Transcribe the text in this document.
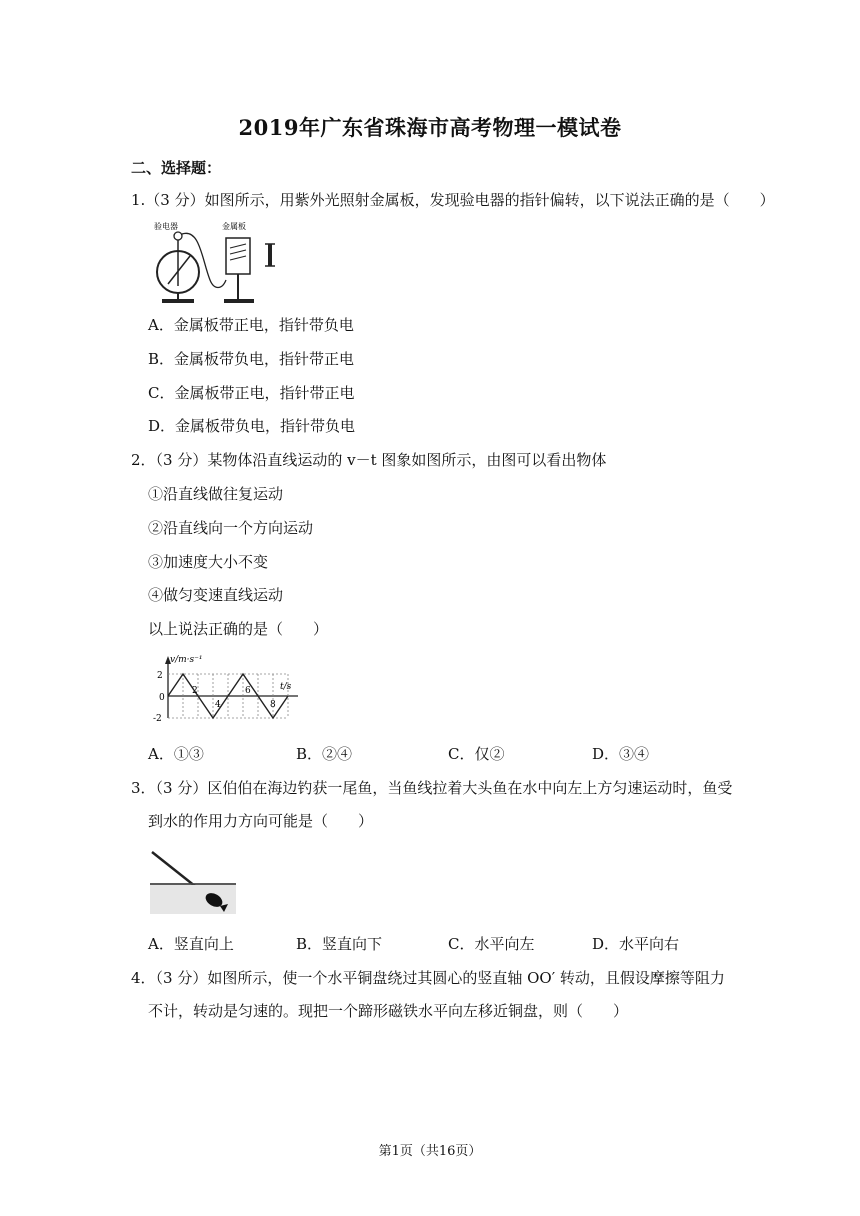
2019年广东省珠海市高考物理一模试卷
二、选择题：
1.（3 分）如图所示，用紫外光照射金属板，发现验电器的指针偏转，以下说法正确的是（　　）
验电器	金属板
A．金属板带正电，指针带负电
B．金属板带负电，指针带正电
C．金属板带正电，指针带正电
D．金属板带负电，指针带负电
2．（3 分）某物体沿直线运动的 v－t 图象如图所示，由图可以看出物体
①沿直线做往复运动
②沿直线向一个方向运动
③加速度大小不变
④做匀变速直线运动
以上说法正确的是（　　）
v/m·s⁻¹
t/s
2
0
-2
2
4
6
8
A．①③	B．②④	C．仅②	D．③④
3．（3 分）区伯伯在海边钓获一尾鱼，当鱼线拉着大头鱼在水中向左上方匀速运动时，鱼受
到水的作用力方向可能是（　　）
A．竖直向上	B．竖直向下	C．水平向左	D．水平向右
4．（3 分）如图所示，使一个水平铜盘绕过其圆心的竖直轴 OO′ 转动，且假设摩擦等阻力
不计，转动是匀速的。现把一个蹄形磁铁水平向左移近铜盘，则（　　）
第1页（共16页）
